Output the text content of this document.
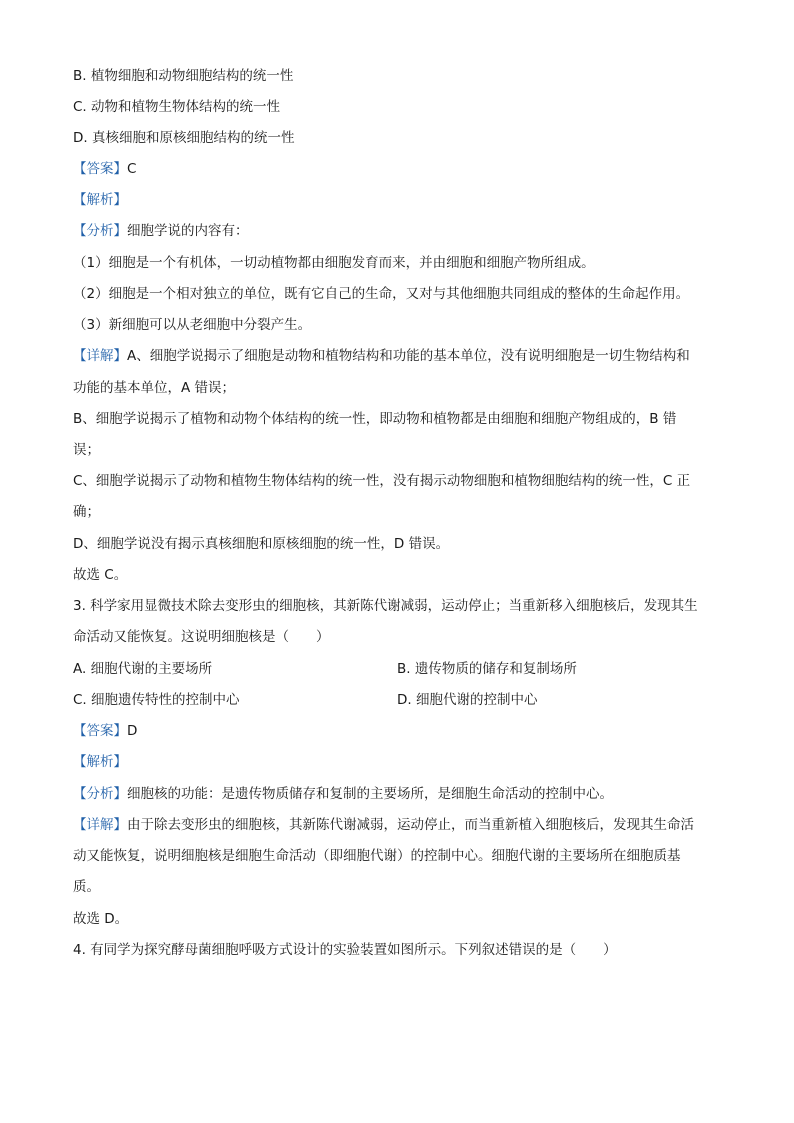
B. 植物细胞和动物细胞结构的统一性
C. 动物和植物生物体结构的统一性
D. 真核细胞和原核细胞结构的统一性
【答案】C
【解析】
【分析】细胞学说的内容有：
（1）细胞是一个有机体，一切动植物都由细胞发育而来，并由细胞和细胞产物所组成。
（2）细胞是一个相对独立的单位，既有它自己的生命，又对与其他细胞共同组成的整体的生命起作用。
（3）新细胞可以从老细胞中分裂产生。
【详解】A、细胞学说揭示了细胞是动物和植物结构和功能的基本单位，没有说明细胞是一切生物结构和
功能的基本单位，A 错误；
B、细胞学说揭示了植物和动物个体结构的统一性，即动物和植物都是由细胞和细胞产物组成的，B 错
误；
C、细胞学说揭示了动物和植物生物体结构的统一性，没有揭示动物细胞和植物细胞结构的统一性，C 正
确；
D、细胞学说没有揭示真核细胞和原核细胞的统一性，D 错误。
故选 C。
3. 科学家用显微技术除去变形虫的细胞核，其新陈代谢减弱，运动停止；当重新移入细胞核后，发现其生
命活动又能恢复。这说明细胞核是（　　）
A. 细胞代谢的主要场所	B. 遗传物质的储存和复制场所
C. 细胞遗传特性的控制中心	D. 细胞代谢的控制中心
【答案】D
【解析】
【分析】细胞核的功能：是遗传物质储存和复制的主要场所，是细胞生命活动的控制中心。
【详解】由于除去变形虫的细胞核，其新陈代谢减弱，运动停止，而当重新植入细胞核后，发现其生命活
动又能恢复，说明细胞核是细胞生命活动（即细胞代谢）的控制中心。细胞代谢的主要场所在细胞质基
质。
故选 D。
4. 有同学为探究酵母菌细胞呼吸方式设计的实验装置如图所示。下列叙述错误的是（　　）
